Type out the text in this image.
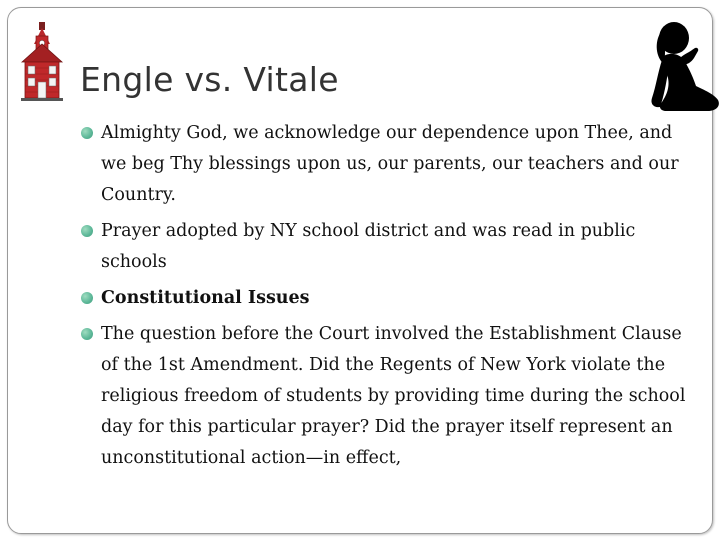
Engle vs. Vitale
Almighty God, we acknowledge our dependence upon Thee, and we beg Thy blessings upon us, our parents, our teachers and our Country.
Prayer adopted by NY school district and was read in public schools
Constitutional Issues
The question before the Court involved the Establishment Clause of the 1st Amendment. Did the Regents of New York violate the religious freedom of students by providing time during the school day for this particular prayer? Did the prayer itself represent an unconstitutional action—in effect,
